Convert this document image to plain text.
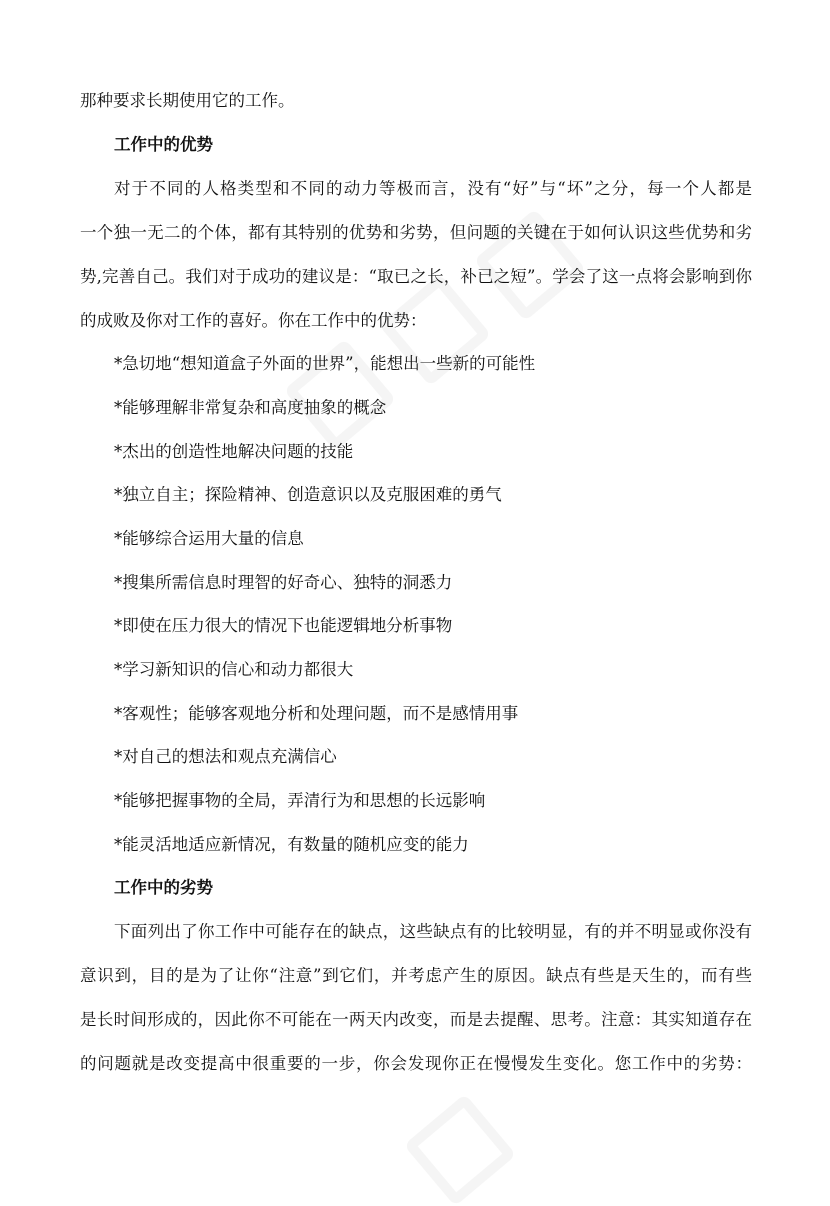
那种要求长期使用它的工作。
工作中的优势
对于不同的人格类型和不同的动力等极而言，没有“好”与“坏”之分，每一个人都是
一个独一无二的个体，都有其特别的优势和劣势，但问题的关键在于如何认识这些优势和劣
势,完善自己。我们对于成功的建议是：“取已之长，补已之短”。学会了这一点将会影响到你
的成败及你对工作的喜好。你在工作中的优势：
*急切地“想知道盒子外面的世界”，能想出一些新的可能性
*能够理解非常复杂和高度抽象的概念
*杰出的创造性地解决问题的技能
*独立自主；探险精神、创造意识以及克服困难的勇气
*能够综合运用大量的信息
*搜集所需信息时理智的好奇心、独特的洞悉力
*即使在压力很大的情况下也能逻辑地分析事物
*学习新知识的信心和动力都很大
*客观性；能够客观地分析和处理问题，而不是感情用事
*对自己的想法和观点充满信心
*能够把握事物的全局，弄清行为和思想的长远影响
*能灵活地适应新情况，有数量的随机应变的能力
工作中的劣势
下面列出了你工作中可能存在的缺点，这些缺点有的比较明显，有的并不明显或你没有
意识到，目的是为了让你“注意”到它们，并考虑产生的原因。缺点有些是天生的，而有些
是长时间形成的，因此你不可能在一两天内改变，而是去提醒、思考。注意：其实知道存在
的问题就是改变提高中很重要的一步，你会发现你正在慢慢发生变化。您工作中的劣势：
